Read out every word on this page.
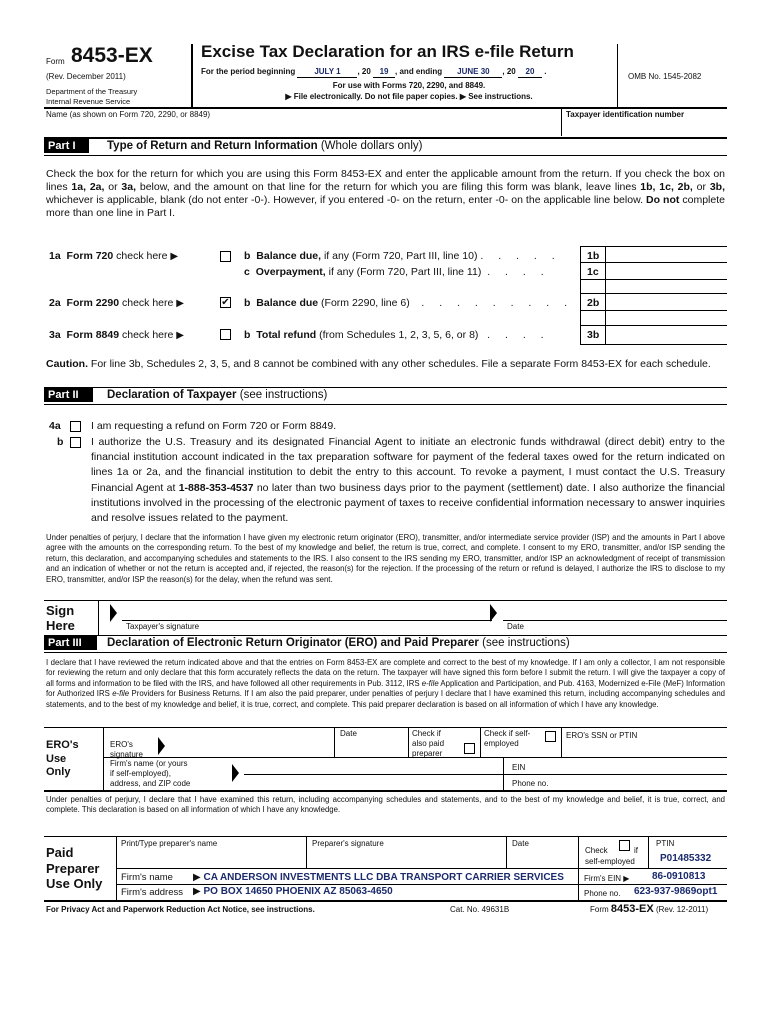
Form 8453-EX
(Rev. December 2011)
Department of the Treasury
Internal Revenue Service
Excise Tax Declaration for an IRS e-file Return
For the period beginning JULY 1 , 20 19 , and ending JUNE 30 , 20 20 .
For use with Forms 720, 2290, and 8849.
▶ File electronically. Do not file paper copies. ▶ See instructions.
OMB No. 1545-2082
Name (as shown on Form 720, 2290, or 8849)	Taxpayer identification number
Part I	Type of Return and Return Information (Whole dollars only)
Check the box for the return for which you are using this Form 8453-EX and enter the applicable amount from the return. If you check the box on lines 1a, 2a, or 3a, below, and the amount on that line for the return for which you are filing this form was blank, leave lines 1b, 1c, 2b, or 3b, whichever is applicable, blank (do not enter -0-). However, if you entered -0- on the return, enter -0- on the applicable line below. Do not complete more than one line in Part I.
1a Form 720 check here ▶	b Balance due, if any (Form 720, Part III, line 10) . . . . .	1b
c Overpayment, if any (Form 720, Part III, line 11) . . . .	1c
2a Form 2290 check here ▶	✔ b Balance due (Form 2290, line 6) . . . . . . . . . 2b
3a Form 8849 check here ▶	b Total refund (from Schedules 1, 2, 3, 5, 6, or 8) . . . .	3b
Caution. For line 3b, Schedules 2, 3, 5, and 8 cannot be combined with any other schedules. File a separate Form 8453-EX for each schedule.
Part II	Declaration of Taxpayer (see instructions)
4a	I am requesting a refund on Form 720 or Form 8849.
b	I authorize the U.S. Treasury and its designated Financial Agent to initiate an electronic funds withdrawal (direct debit) entry to the financial institution account indicated in the tax preparation software for payment of the federal taxes owed for the return indicated on lines 1a or 2a, and the financial institution to debit the entry to this account. To revoke a payment, I must contact the U.S. Treasury Financial Agent at 1-888-353-4537 no later than two business days prior to the payment (settlement) date. I also authorize the financial institutions involved in the processing of the electronic payment of taxes to receive confidential information necessary to answer inquiries and resolve issues related to the payment.
Under penalties of perjury, I declare that the information I have given my electronic return originator (ERO), transmitter, and/or intermediate service provider (ISP) and the amounts in Part I above agree with the amounts on the corresponding return. To the best of my knowledge and belief, the return is true, correct, and complete. I consent to my ERO, transmitter, and/or ISP sending the return, this declaration, and accompanying schedules and statements to the IRS. I also consent to the IRS sending my ERO, transmitter, and/or ISP an acknowledgment of receipt of transmission and an indication of whether or not the return is accepted and, if rejected, the reason(s) for the rejection. If the processing of the return or refund is delayed, I authorize the IRS to disclose to my ERO, transmitter, and/or ISP the reason(s) for the delay, when the refund was sent.
Sign
Here	Taxpayer's signature	Date
Part III	Declaration of Electronic Return Originator (ERO) and Paid Preparer (see instructions)
I declare that I have reviewed the return indicated above and that the entries on Form 8453-EX are complete and correct to the best of my knowledge. If I am only a collector, I am not responsible for reviewing the return and only declare that this form accurately reflects the data on the return. The taxpayer will have signed this form before I submit the return. I will give the taxpayer a copy of all forms and information to be filed with the IRS, and have followed all other requirements in Pub. 3112, IRS e-file Application and Participation, and Pub. 4163, Modernized e-File (MeF) Information for Authorized IRS e-file Providers for Business Returns. If I am also the paid preparer, under penalties of perjury I declare that I have examined this return, including accompanying schedules and statements, and to the best of my knowledge and belief, it is true, correct, and complete. This paid preparer declaration is based on all information of which I have any knowledge.
ERO's
Use
Only
ERO's
signature
Date	Check if
also paid
preparer
Check if self-
employed
ERO's SSN or PTIN
Firm's name (or yours
if self-employed),
address, and ZIP code
EIN
Phone no.
Under penalties of perjury, I declare that I have examined this return, including accompanying schedules and statements, and to the best of my knowledge and belief, it is true, correct, and complete. This declaration is based on all information of which I have any knowledge.
Paid
Preparer
Use Only
Print/Type preparer's name	Preparer's signature	Date
Check	if
self-employed
PTIN
P01485332
Firm's name ▶ CA ANDERSON INVESTMENTS LLC DBA TRANSPORT CARRIER SERVICES	Firm's EIN ▶ 86-0910813
Firm's address ▶ PO BOX 14650 PHOENIX AZ 85063-4650	Phone no. 623-937-9869opt1
For Privacy Act and Paperwork Reduction Act Notice, see instructions.	Cat. No. 49631B	Form 8453-EX (Rev. 12-2011)
